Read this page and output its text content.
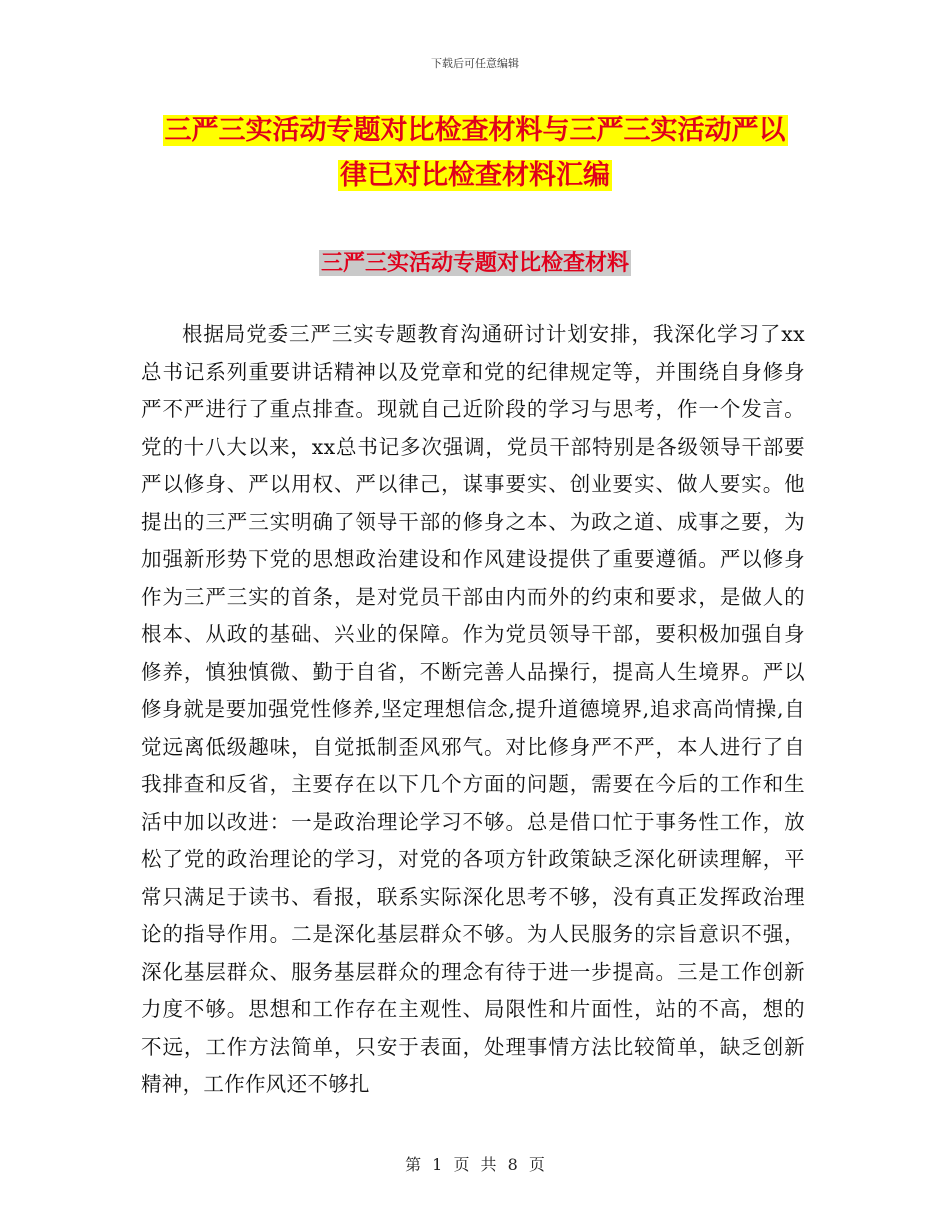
下载后可任意编辑
三严三实活动专题对比检查材料与三严三实活动严以
律已对比检查材料汇编
三严三实活动专题对比检查材料

根据局党委三严三实专题教育沟通研讨计划安排，我深化学习了xx总书记系列重要讲话精神以及党章和党的纪律规定等，并围绕自身修身严不严进行了重点排查。现就自己近阶段的学习与思考，作一个发言。党的十八大以来，xx总书记多次强调，党员干部特别是各级领导干部要严以修身、严以用权、严以律己，谋事要实、创业要实、做人要实。他提出的三严三实明确了领导干部的修身之本、为政之道、成事之要，为加强新形势下党的思想政治建设和作风建设提供了重要遵循。严以修身作为三严三实的首条，是对党员干部由内而外的约束和要求，是做人的根本、从政的基础、兴业的保障。作为党员领导干部，要积极加强自身修养，慎独慎微、勤于自省，不断完善人品操行，提高人生境界。严以修身就是要加强党性修养,坚定理想信念,提升道德境界,追求高尚情操,自觉远离低级趣味，自觉抵制歪风邪气。对比修身严不严，本人进行了自我排查和反省，主要存在以下几个方面的问题，需要在今后的工作和生活中加以改进：一是政治理论学习不够。总是借口忙于事务性工作，放松了党的政治理论的学习，对党的各项方针政策缺乏深化研读理解，平常只满足于读书、看报，联系实际深化思考不够，没有真正发挥政治理论的指导作用。二是深化基层群众不够。为人民服务的宗旨意识不强，深化基层群众、服务基层群众的理念有待于进一步提高。三是工作创新力度不够。思想和工作存在主观性、局限性和片面性，站的不高，想的不远，工作方法简单，只安于表面，处理事情方法比较简单，缺乏创新精神，工作作风还不够扎

第 1 页 共 8 页
